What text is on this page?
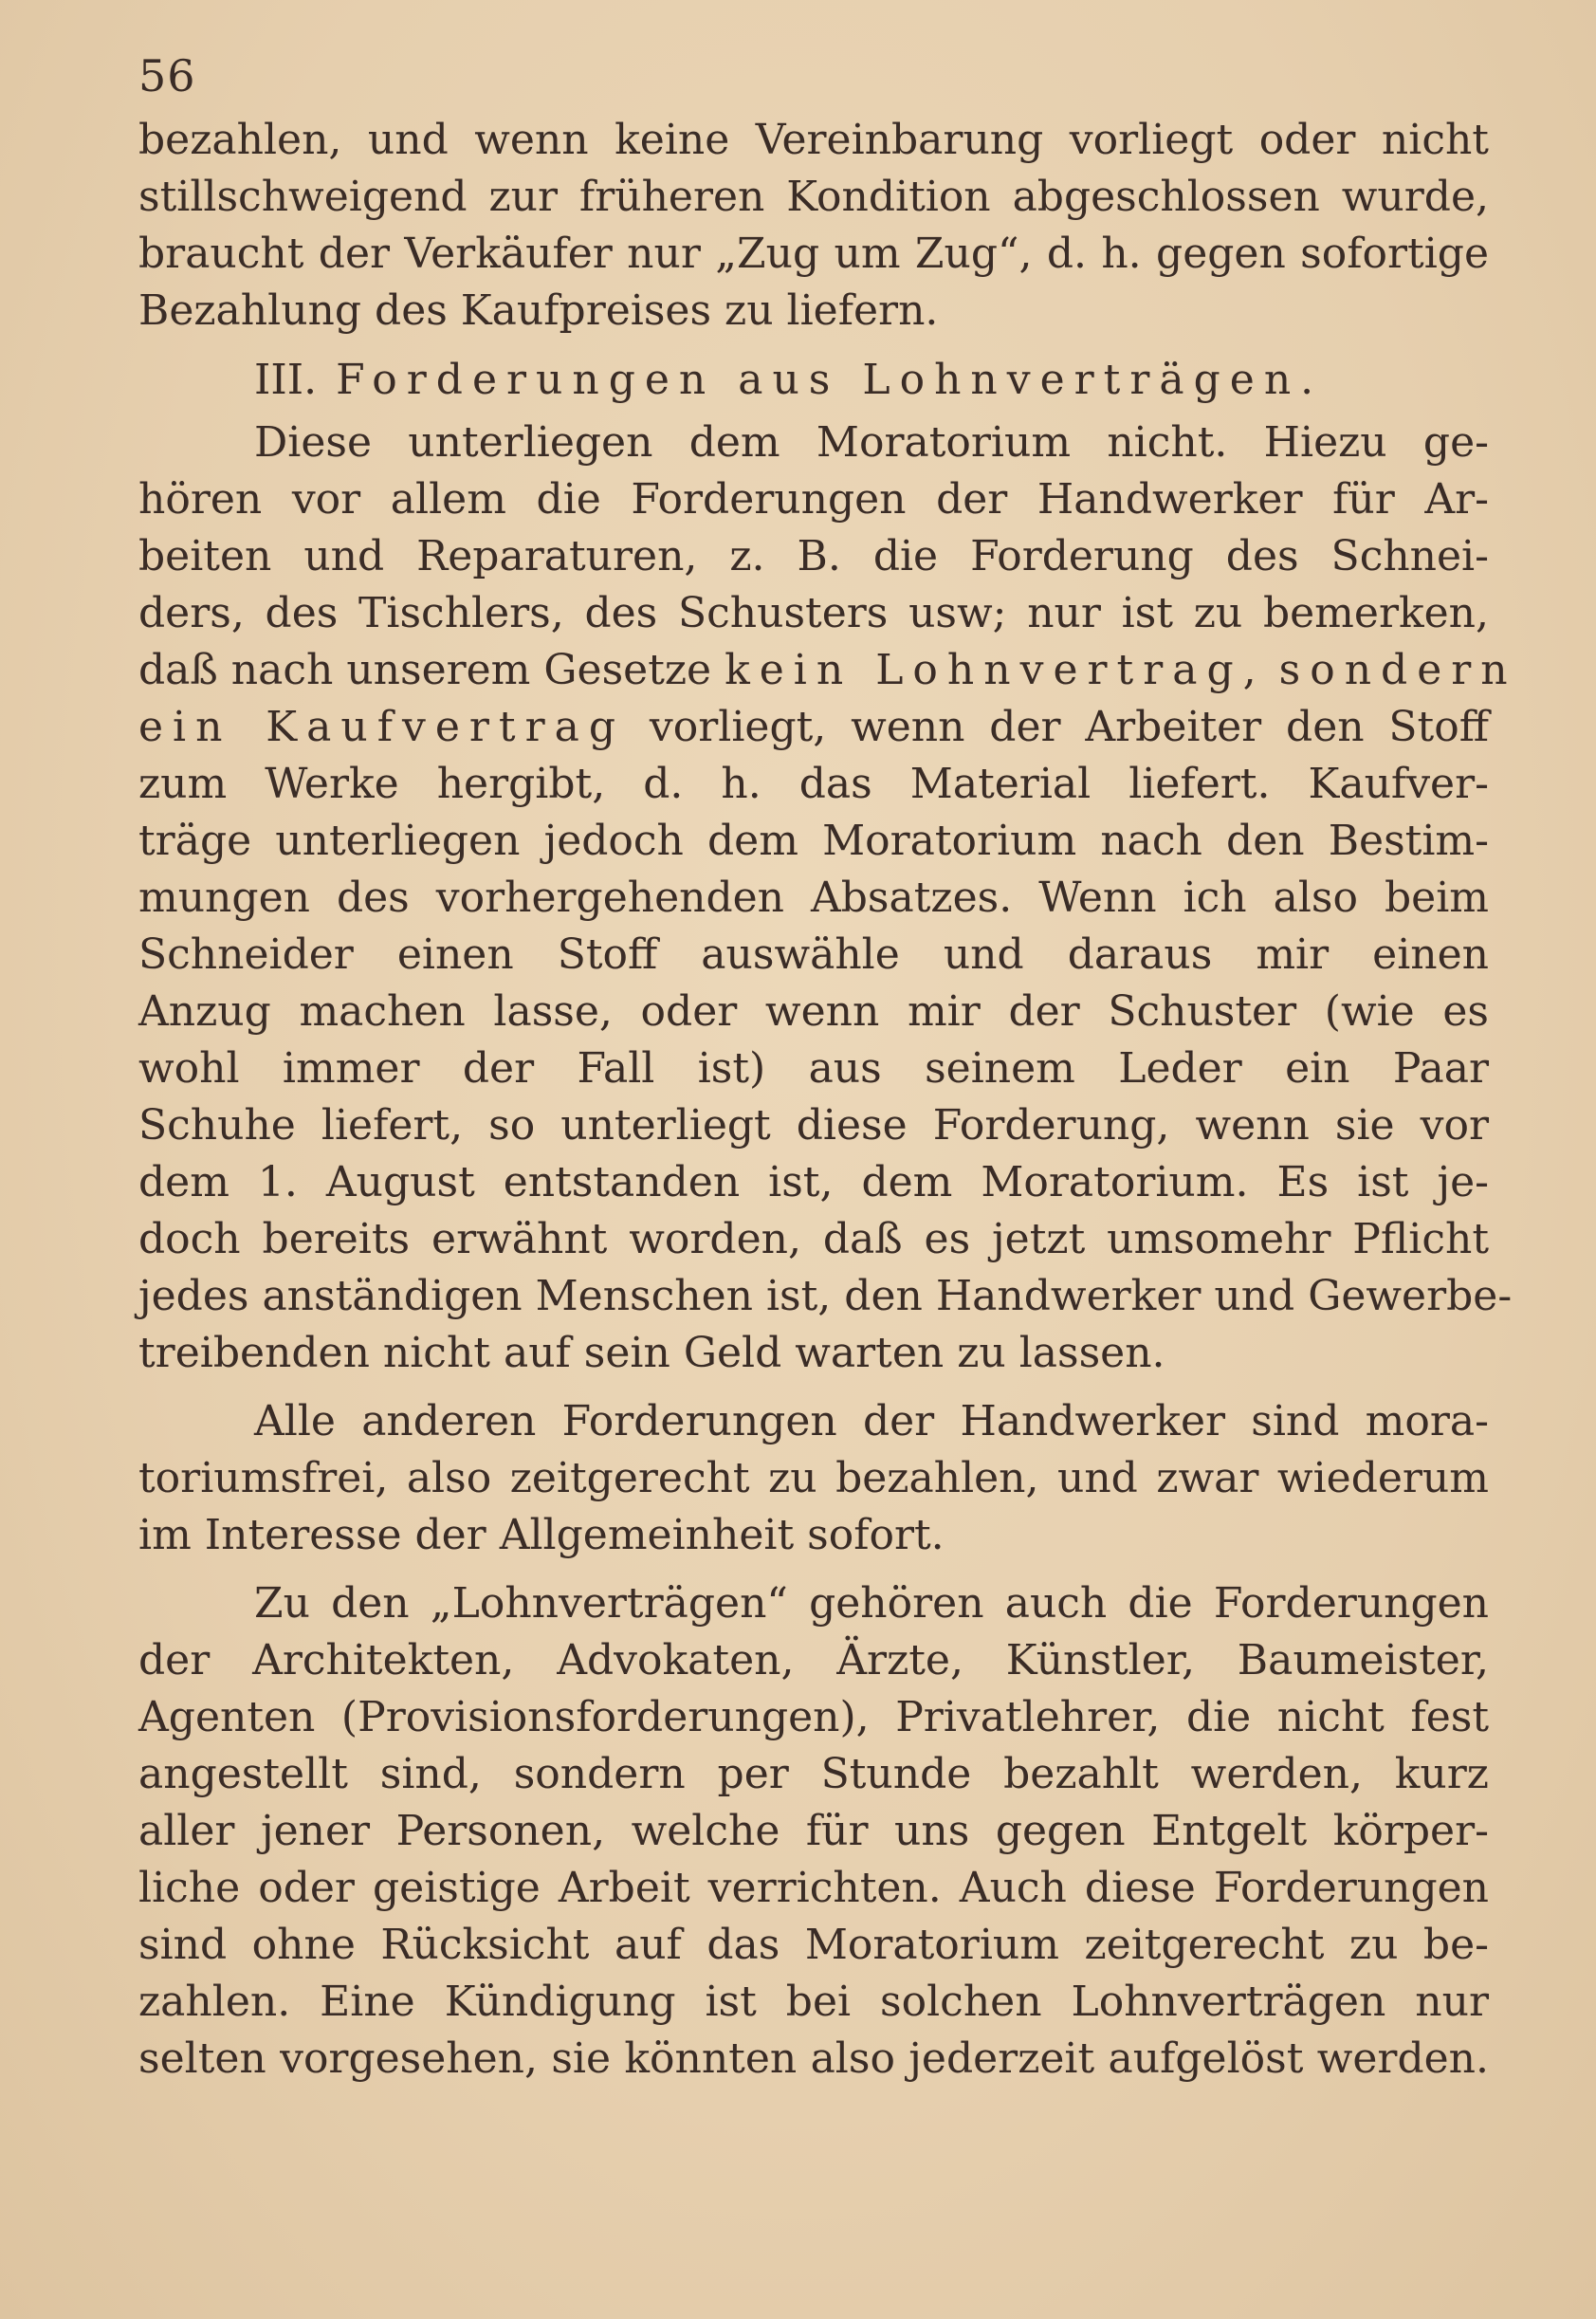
56
bezahlen, und wenn keine Vereinbarung vorliegt oder nicht
stillschweigend zur früheren Kondition abgeschlossen wurde,
braucht der Verkäufer nur „Zug um Zug“, d. h. gegen sofortige
Bezahlung des Kaufpreises zu liefern.
III. Forderungen aus Lohnverträgen.
Diese unterliegen dem Moratorium nicht. Hiezu ge-
hören vor allem die Forderungen der Handwerker für Ar-
beiten und Reparaturen, z. B. die Forderung des Schnei-
ders, des Tischlers, des Schusters usw; nur ist zu bemerken,
daß nach unserem Gesetze kein Lohnvertrag, sondern
ein Kaufvertrag vorliegt, wenn der Arbeiter den Stoff
zum Werke hergibt, d. h. das Material liefert. Kaufver-
träge unterliegen jedoch dem Moratorium nach den Bestim-
mungen des vorhergehenden Absatzes. Wenn ich also beim
Schneider einen Stoff auswähle und daraus mir einen
Anzug machen lasse, oder wenn mir der Schuster (wie es
wohl immer der Fall ist) aus seinem Leder ein Paar
Schuhe liefert, so unterliegt diese Forderung, wenn sie vor
dem 1. August entstanden ist, dem Moratorium. Es ist je-
doch bereits erwähnt worden, daß es jetzt umsomehr Pflicht
jedes anständigen Menschen ist, den Handwerker und Gewerbe-
treibenden nicht auf sein Geld warten zu lassen.
Alle anderen Forderungen der Handwerker sind mora-
toriumsfrei, also zeitgerecht zu bezahlen, und zwar wiederum
im Interesse der Allgemeinheit sofort.
Zu den „Lohnverträgen“ gehören auch die Forderungen
der Architekten, Advokaten, Ärzte, Künstler, Baumeister,
Agenten (Provisionsforderungen), Privatlehrer, die nicht fest
angestellt sind, sondern per Stunde bezahlt werden, kurz
aller jener Personen, welche für uns gegen Entgelt körper-
liche oder geistige Arbeit verrichten. Auch diese Forderungen
sind ohne Rücksicht auf das Moratorium zeitgerecht zu be-
zahlen. Eine Kündigung ist bei solchen Lohnverträgen nur
selten vorgesehen, sie könnten also jederzeit aufgelöst werden.
